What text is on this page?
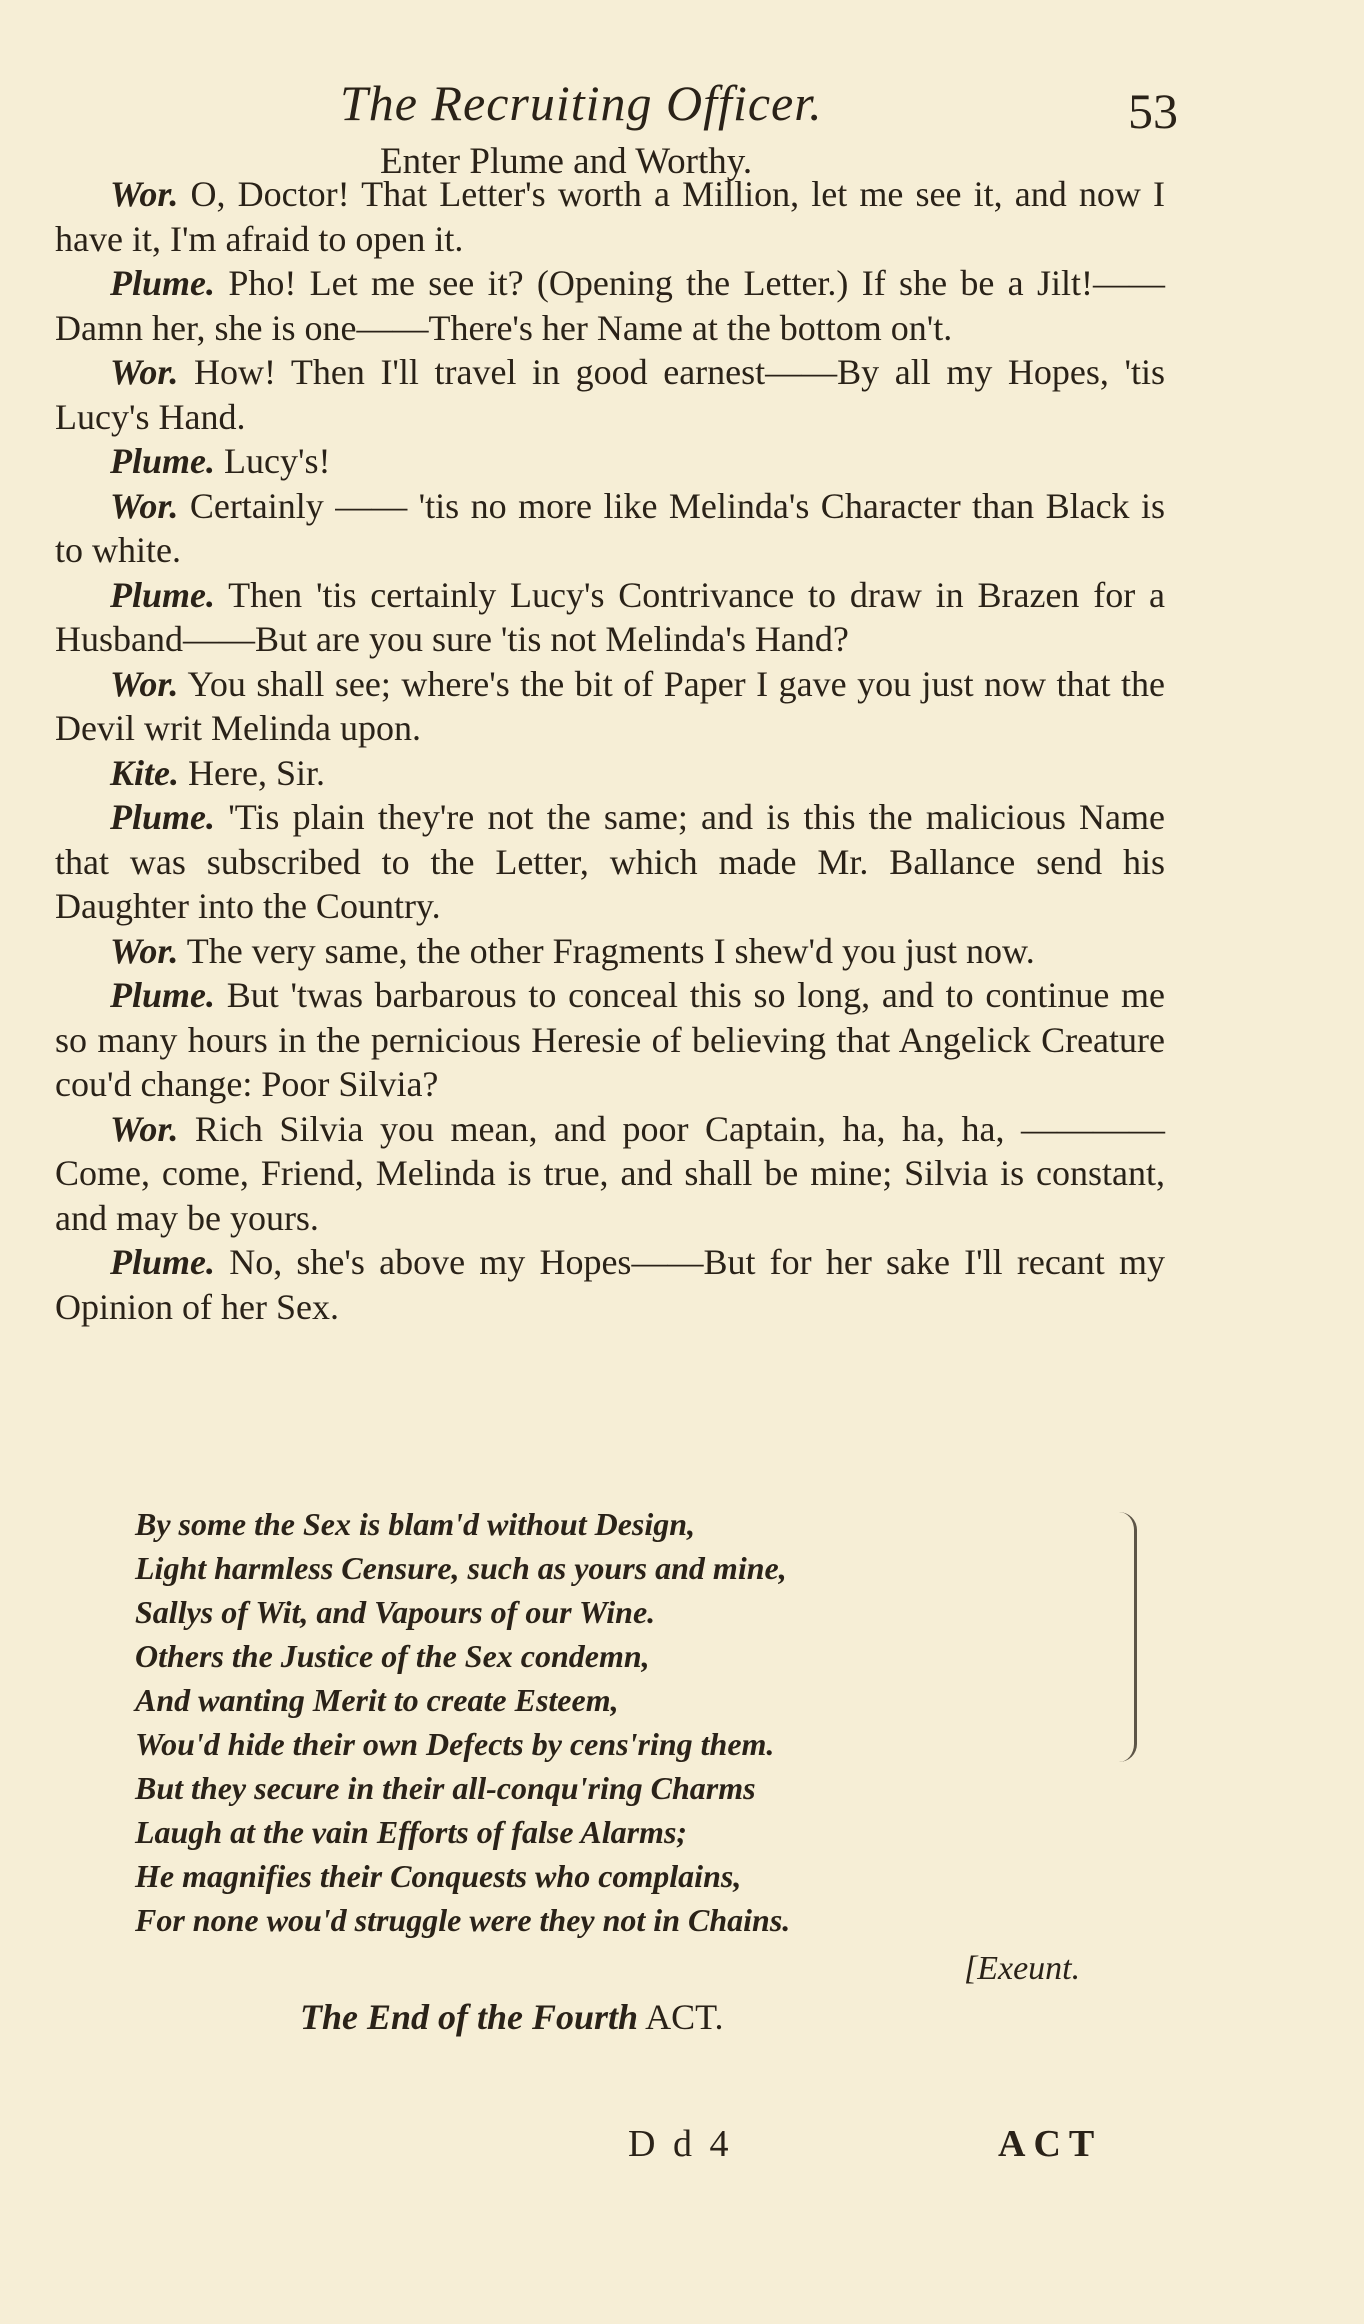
The Recruiting Officer.	53
Enter Plume and Worthy.

Wor. O, Doctor! That Letter's worth a Million, let me see it, and now I have it, I'm afraid to open it.

Plume. Pho! Let me see it? (Opening the Letter.) If she be a Jilt!——Damn her, she is one——There's her Name at the bottom on't.

Wor. How! Then I'll travel in good earnest——By all my Hopes, 'tis Lucy's Hand.

Plume. Lucy's!

Wor. Certainly —— 'tis no more like Melinda's Character than Black is to white.

Plume. Then 'tis certainly Lucy's Contrivance to draw in Brazen for a Husband——But are you sure 'tis not Melinda's Hand?

Wor. You shall see; where's the bit of Paper I gave you just now that the Devil writ Melinda upon.

Kite. Here, Sir.

Plume. 'Tis plain they're not the same; and is this the malicious Name that was subscribed to the Letter, which made Mr. Ballance send his Daughter into the Country.

Wor. The very same, the other Fragments I shew'd you just now.

Plume. But 'twas barbarous to conceal this so long, and to continue me so many hours in the pernicious Heresie of believing that Angelick Creature cou'd change: Poor Silvia?

Wor. Rich Silvia you mean, and poor Captain, ha, ha, ha, ———— Come, come, Friend, Melinda is true, and shall be mine; Silvia is constant, and may be yours.

Plume. No, she's above my Hopes——But for her sake I'll recant my Opinion of her Sex.

By some the Sex is blam'd without Design,
Light harmless Censure, such as yours and mine,
Sallys of Wit, and Vapours of our Wine.
Others the Justice of the Sex condemn,
And wanting Merit to create Esteem,
Wou'd hide their own Defects by cens'ring them.
But they secure in their all-conqu'ring Charms
Laugh at the vain Efforts of false Alarms;
He magnifies their Conquests who complains,
For none wou'd struggle were they not in Chains.
[Exeunt.
The End of the Fourth ACT.
D d 4	ACT
